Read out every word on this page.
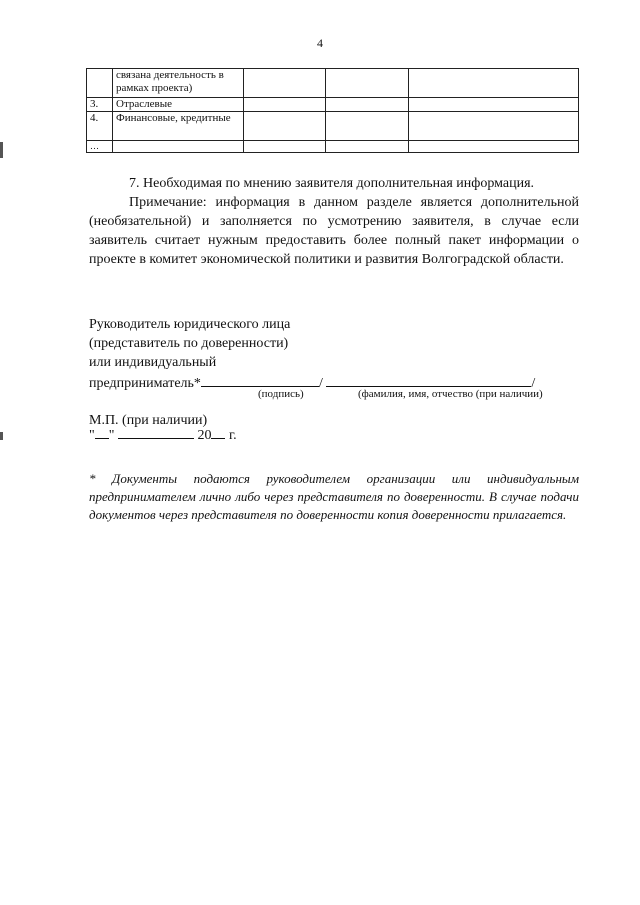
4
	связана деятельность в рамках проекта)			
3.	Отраслевые			
4.	Финансовые, кредитные			
…				
7. Необходимая по мнению заявителя дополнительная информация.
Примечание: информация в данном разделе является дополнительной (необязательной) и заполняется по усмотрению заявителя, в случае если заявитель считает нужным предоставить более полный пакет информации о проекте в комитет экономической политики и развития Волгоградской области.
Руководитель юридического лица
(представитель по доверенности)
или индивидуальный
предприниматель*	/	/
(подпись)	(фамилия, имя, отчество (при наличии)
М.П. (при наличии)
" "	20 г.
* Документы подаются руководителем организации или индивидуальным предпринимателем лично либо через представителя по доверенности. В случае подачи документов через представителя по доверенности копия доверенности прилагается.
